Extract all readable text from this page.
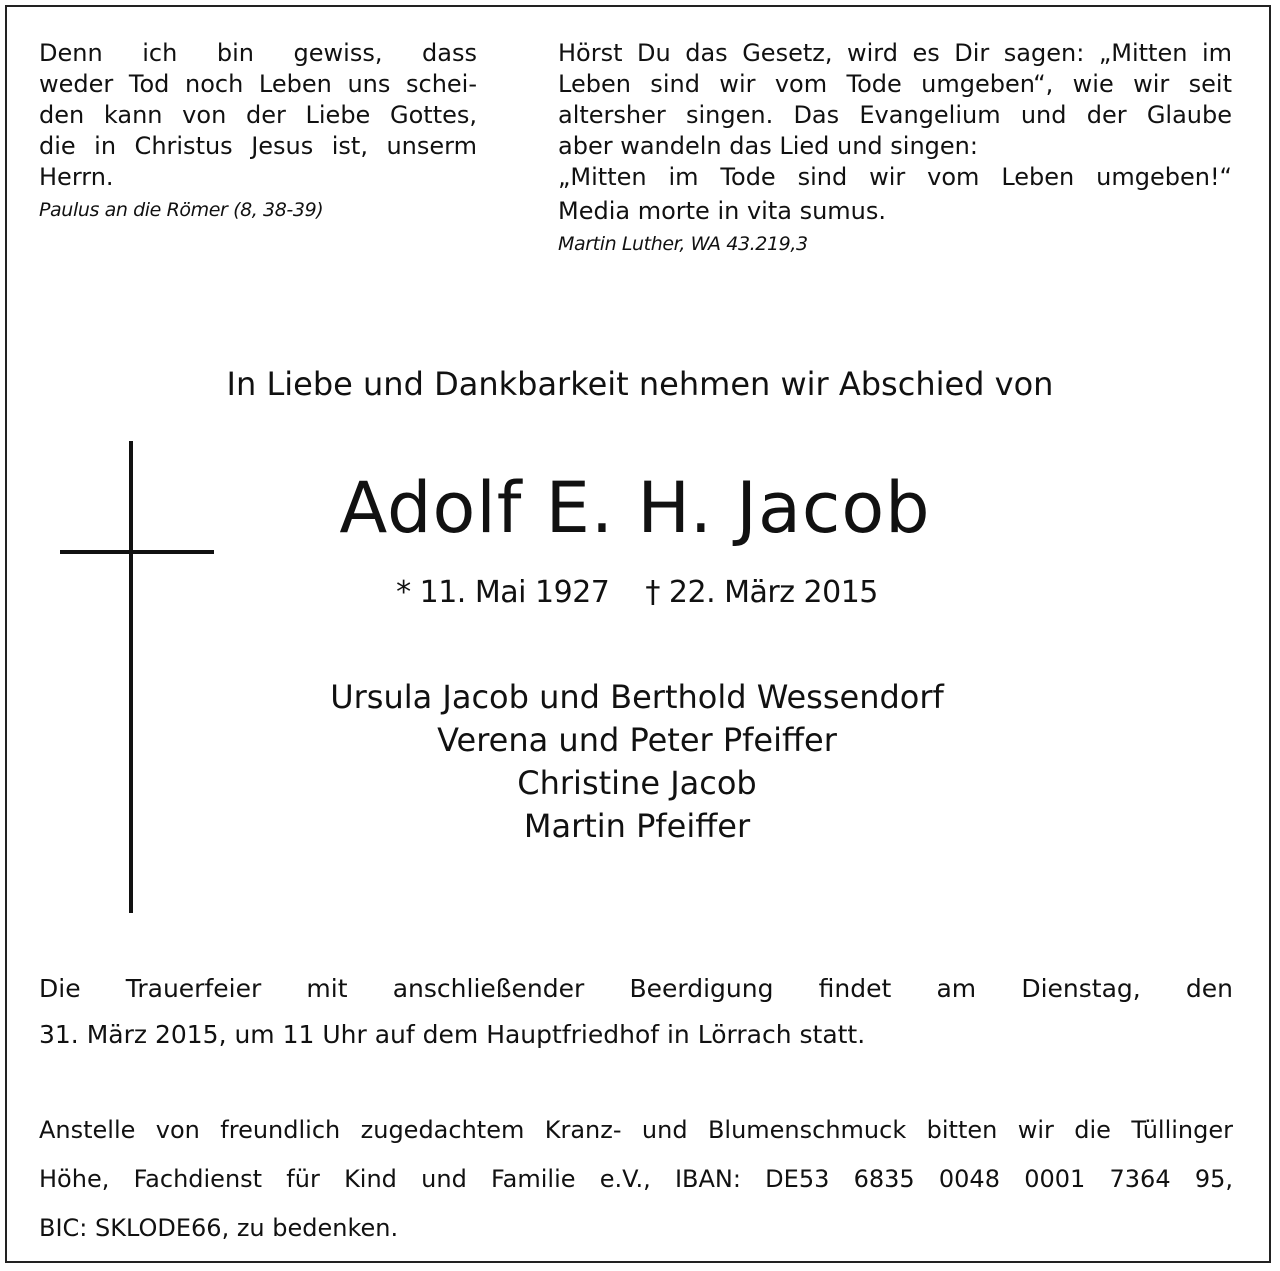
Denn ich bin gewiss, dass
weder Tod noch Leben uns schei-
den kann von der Liebe Gottes,
die in Christus Jesus ist, unserm
Herrn.
Paulus an die Römer (8, 38-39)
Hörst Du das Gesetz, wird es Dir sagen: „Mitten im
Leben sind wir vom Tode umgeben“, wie wir seit
altersher singen. Das Evangelium und der Glaube
aber wandeln das Lied und singen:
„Mitten im Tode sind wir vom Leben umgeben!“
Media morte in vita sumus.
Martin Luther, WA 43.219,3
In Liebe und Dankbarkeit nehmen wir Abschied von
Adolf E. H. Jacob
* 11. Mai 1927 † 22. März 2015
Ursula Jacob und Berthold Wessendorf
Verena und Peter Pfeiffer
Christine Jacob
Martin Pfeiffer
Die Trauerfeier mit anschließender Beerdigung findet am Dienstag, den
31. März 2015, um 11 Uhr auf dem Hauptfriedhof in Lörrach statt.
Anstelle von freundlich zugedachtem Kranz- und Blumenschmuck bitten wir die Tüllinger
Höhe, Fachdienst für Kind und Familie e.V., IBAN: DE53 6835 0048 0001 7364 95,
BIC: SKLODE66, zu bedenken.
